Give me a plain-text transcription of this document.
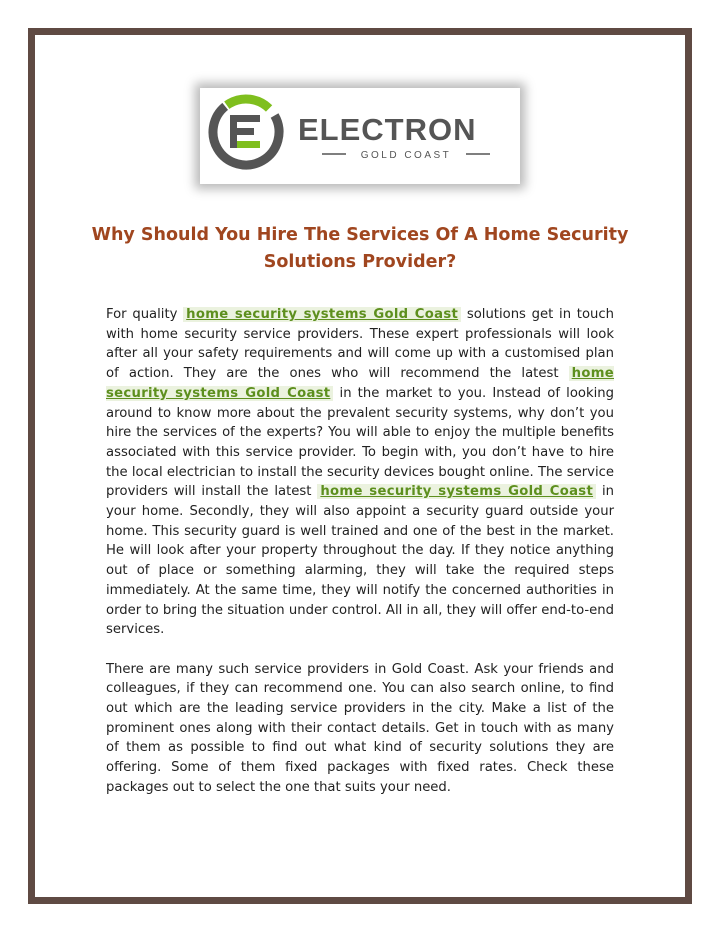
ELECTRON
GOLD COAST
Why Should You Hire The Services Of A Home Security Solutions Provider?

For quality home security systems Gold Coast solutions get in touch with home security service providers. These expert professionals will look after all your safety requirements and will come up with a customised plan of action. They are the ones who will recommend the latest home security systems Gold Coast in the market to you. Instead of looking around to know more about the prevalent security systems, why don’t you hire the services of the experts? You will able to enjoy the multiple benefits associated with this service provider. To begin with, you don’t have to hire the local electrician to install the security devices bought online. The service providers will install the latest home security systems Gold Coast in your home. Secondly, they will also appoint a security guard outside your home. This security guard is well trained and one of the best in the market. He will look after your property throughout the day. If they notice anything out of place or something alarming, they will take the required steps immediately. At the same time, they will notify the concerned authorities in order to bring the situation under control. All in all, they will offer end-to-end services.

There are many such service providers in Gold Coast. Ask your friends and colleagues, if they can recommend one. You can also search online, to find out which are the leading service providers in the city. Make a list of the prominent ones along with their contact details. Get in touch with as many of them as possible to find out what kind of security solutions they are offering. Some of them fixed packages with fixed rates. Check these packages out to select the one that suits your need.
